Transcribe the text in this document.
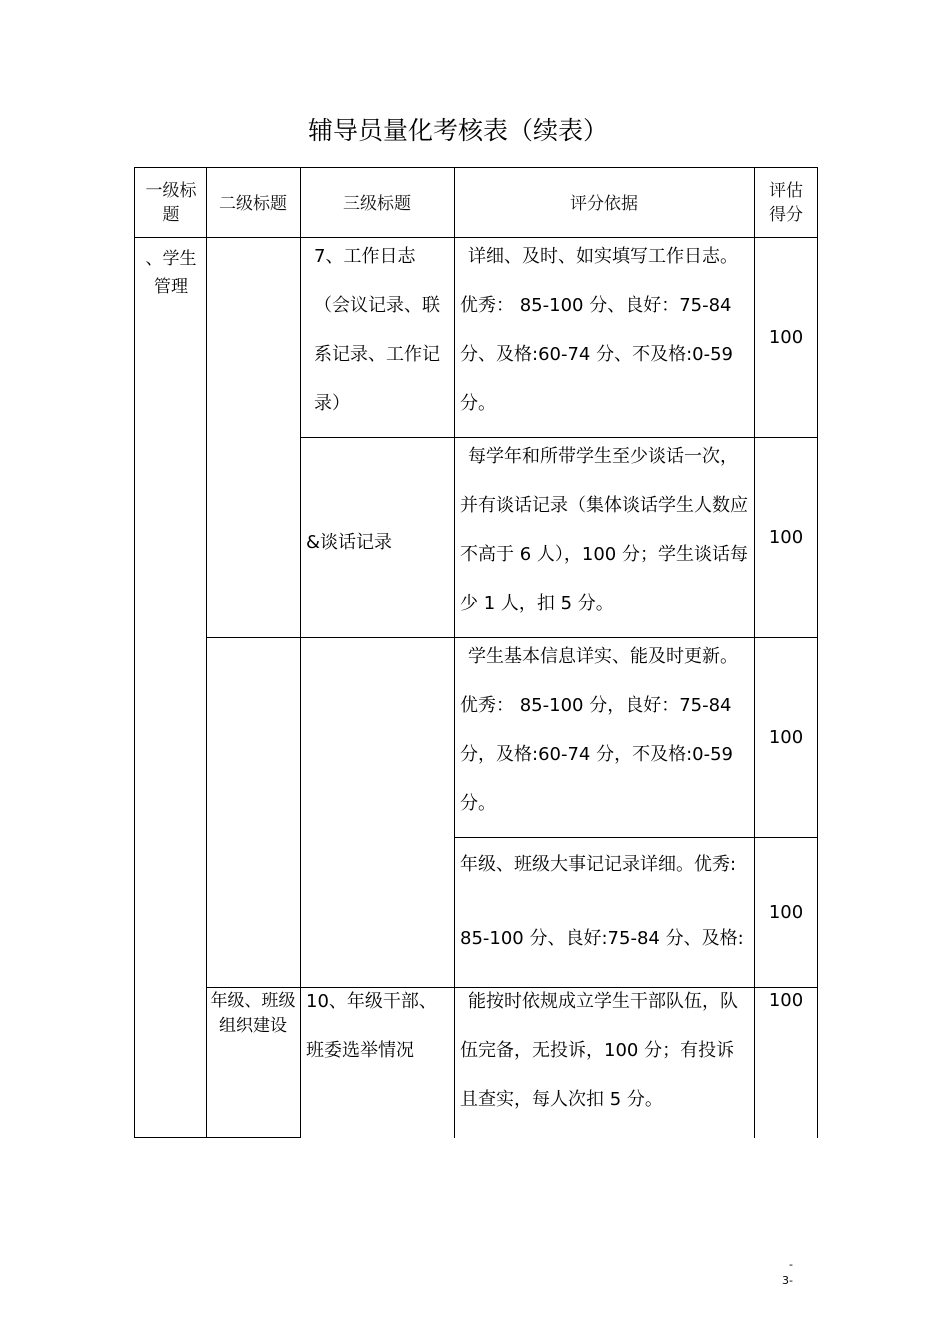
辅导员量化考核表（续表）
一级标题
二级标题	三级标题	评分依据
评估得分
、学生管理
7、工作日志（会议记录、联系记录、工作记录）
详细、及时、如实填写工作日志。优秀： 85-100 分、良好：75-84 分、及格:60-74 分、不及格:0-59 分。
100
&谈话记录
每学年和所带学生至少谈话一次，并有谈话记录（集体谈话学生人数应不高于 6 人），100 分；学生谈话每少 1 人，扣 5 分。
100
学生基本信息详实、能及时更新。优秀： 85-100 分，良好：75-84 分，及格:60-74 分，不及格:0-59 分。
100
年级、班级大事记记录详细。优秀:
85-100 分、良好:75-84 分、及格:
100
年级、班级组织建设
10、年级干部、班委选举情况
能按时依规成立学生干部队伍，队伍完备，无投诉，100 分；有投诉且查实，每人次扣 5 分。
100
-
3-
